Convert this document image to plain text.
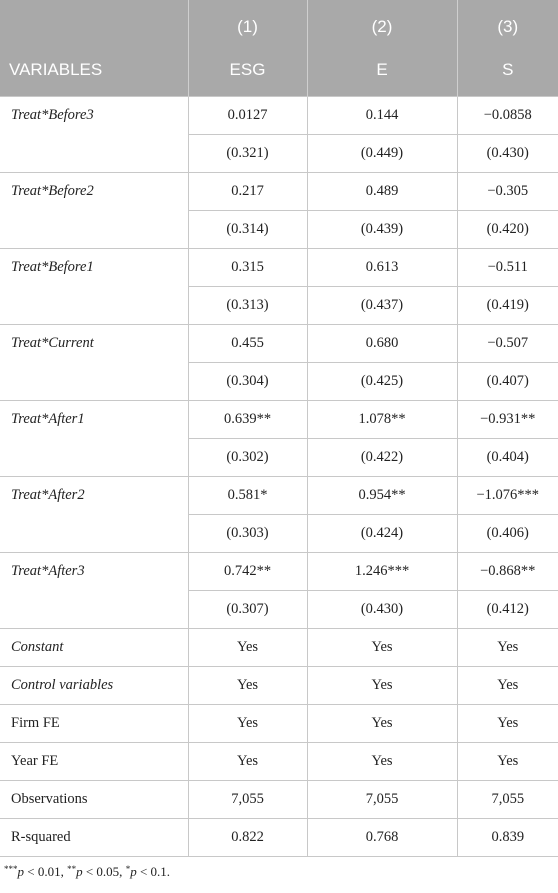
	(1)	(2)	(3)
VARIABLES	ESG	E	S
Treat*Before3	0.0127	0.144	−0.0858
	(0.321)	(0.449)	(0.430)
Treat*Before2	0.217	0.489	−0.305
	(0.314)	(0.439)	(0.420)
Treat*Before1	0.315	0.613	−0.511
	(0.313)	(0.437)	(0.419)
Treat*Current	0.455	0.680	−0.507
	(0.304)	(0.425)	(0.407)
Treat*After1	0.639**	1.078**	−0.931**
	(0.302)	(0.422)	(0.404)
Treat*After2	0.581*	0.954**	−1.076***
	(0.303)	(0.424)	(0.406)
Treat*After3	0.742**	1.246***	−0.868**
	(0.307)	(0.430)	(0.412)
Constant	Yes	Yes	Yes
Control variables	Yes	Yes	Yes
Firm FE	Yes	Yes	Yes
Year FE	Yes	Yes	Yes
Observations	7,055	7,055	7,055
R-squared	0.822	0.768	0.839
***p < 0.01, **p < 0.05, *p < 0.1.
